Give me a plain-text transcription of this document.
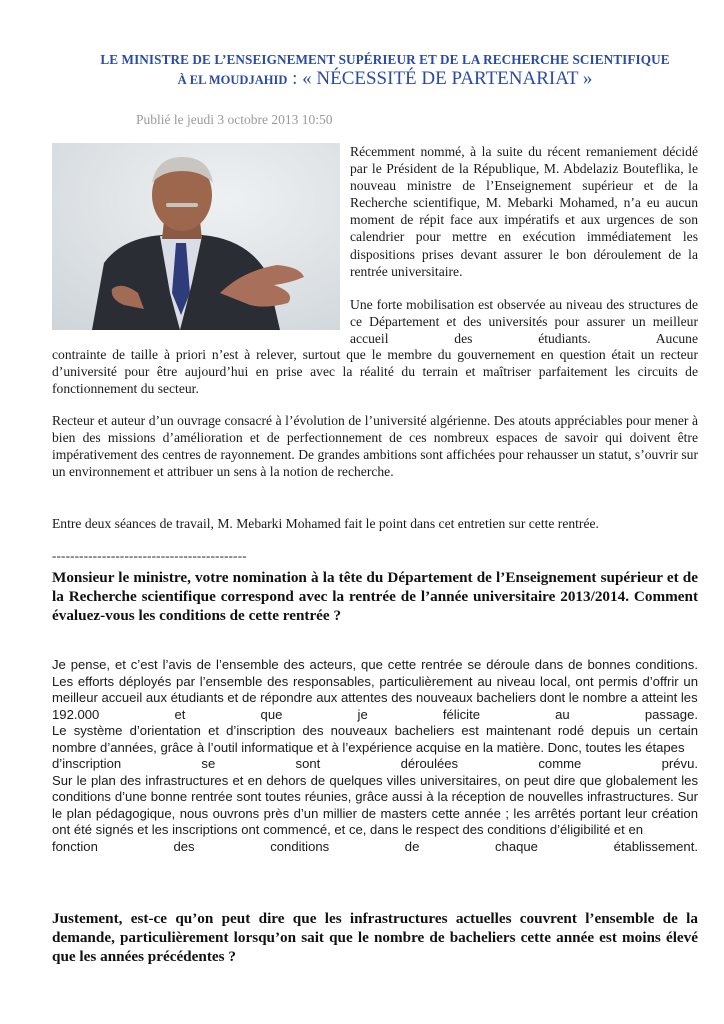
LE MINISTRE DE L’ENSEIGNEMENT SUPÉRIEUR ET DE LA RECHERCHE SCIENTIFIQUE
À EL MOUDJAHID : « NÉCESSITÉ DE PARTENARIAT »
Publié le jeudi 3 octobre 2013 10:50

Récemment nommé, à la suite du récent remaniement décidé par le Président de la République, M. Abdelaziz Bouteflika, le nouveau ministre de l’Enseignement supérieur et de la Recherche scientifique, M. Mebarki Mohamed, n’a eu aucun moment de répit face aux impératifs et aux urgences de son calendrier pour mettre en exécution immédiatement les dispositions prises devant assurer le bon déroulement de la rentrée universitaire.

Une forte mobilisation est observée au niveau des structures de ce Département et des universités pour assurer un meilleur accueil des étudiants. Aucune

contrainte de taille à priori n’est à relever, surtout que le membre du gouvernement en question était un recteur d’université pour être aujourd’hui en prise avec la réalité du terrain et maîtriser parfaitement les circuits de fonctionnement du secteur.

Recteur et auteur d’un ouvrage consacré à l’évolution de l’université algérienne. Des atouts appréciables pour mener à bien des missions d’amélioration et de perfectionnement de ces nombreux espaces de savoir qui doivent être impérativement des centres de rayonnement. De grandes ambitions sont affichées pour rehausser un statut, s’ouvrir sur un environnement et attribuer un sens à la notion de recherche.

Entre deux séances de travail, M. Mebarki Mohamed fait le point dans cet entretien sur cette rentrée.

-------------------------------------------

Monsieur le ministre, votre nomination à la tête du Département de l’Enseignement supérieur et de la Recherche scientifique correspond avec la rentrée de l’année universitaire 2013/2014. Comment évaluez-vous les conditions de cette rentrée ?

Je pense, et c’est l’avis de l’ensemble des acteurs, que cette rentrée se déroule dans de bonnes conditions. Les efforts déployés par l’ensemble des responsables, particulièrement au niveau local, ont permis d’offrir un meilleur accueil aux étudiants et de répondre aux attentes des nouveaux bacheliers dont le nombre a atteint les
192.000 et que je félicite au passage.
Le système d’orientation et d’inscription des nouveaux bacheliers est maintenant rodé depuis un certain nombre d’années, grâce à l’outil informatique et à l’expérience acquise en la matière. Donc, toutes les étapes
d’inscription se sont déroulées comme prévu.
Sur le plan des infrastructures et en dehors de quelques villes universitaires, on peut dire que globalement les conditions d’une bonne rentrée sont toutes réunies, grâce aussi à la réception de nouvelles infrastructures. Sur le plan pédagogique, nous ouvrons près d’un millier de masters cette année ; les arrêtés portant leur création ont été signés et les inscriptions ont commencé, et ce, dans le respect des conditions d’éligibilité et en
fonction des conditions de chaque établissement.

Justement, est-ce qu’on peut dire que les infrastructures actuelles couvrent l’ensemble de la demande, particulièrement lorsqu’on sait que le nombre de bacheliers cette année est moins élevé que les années précédentes ?
